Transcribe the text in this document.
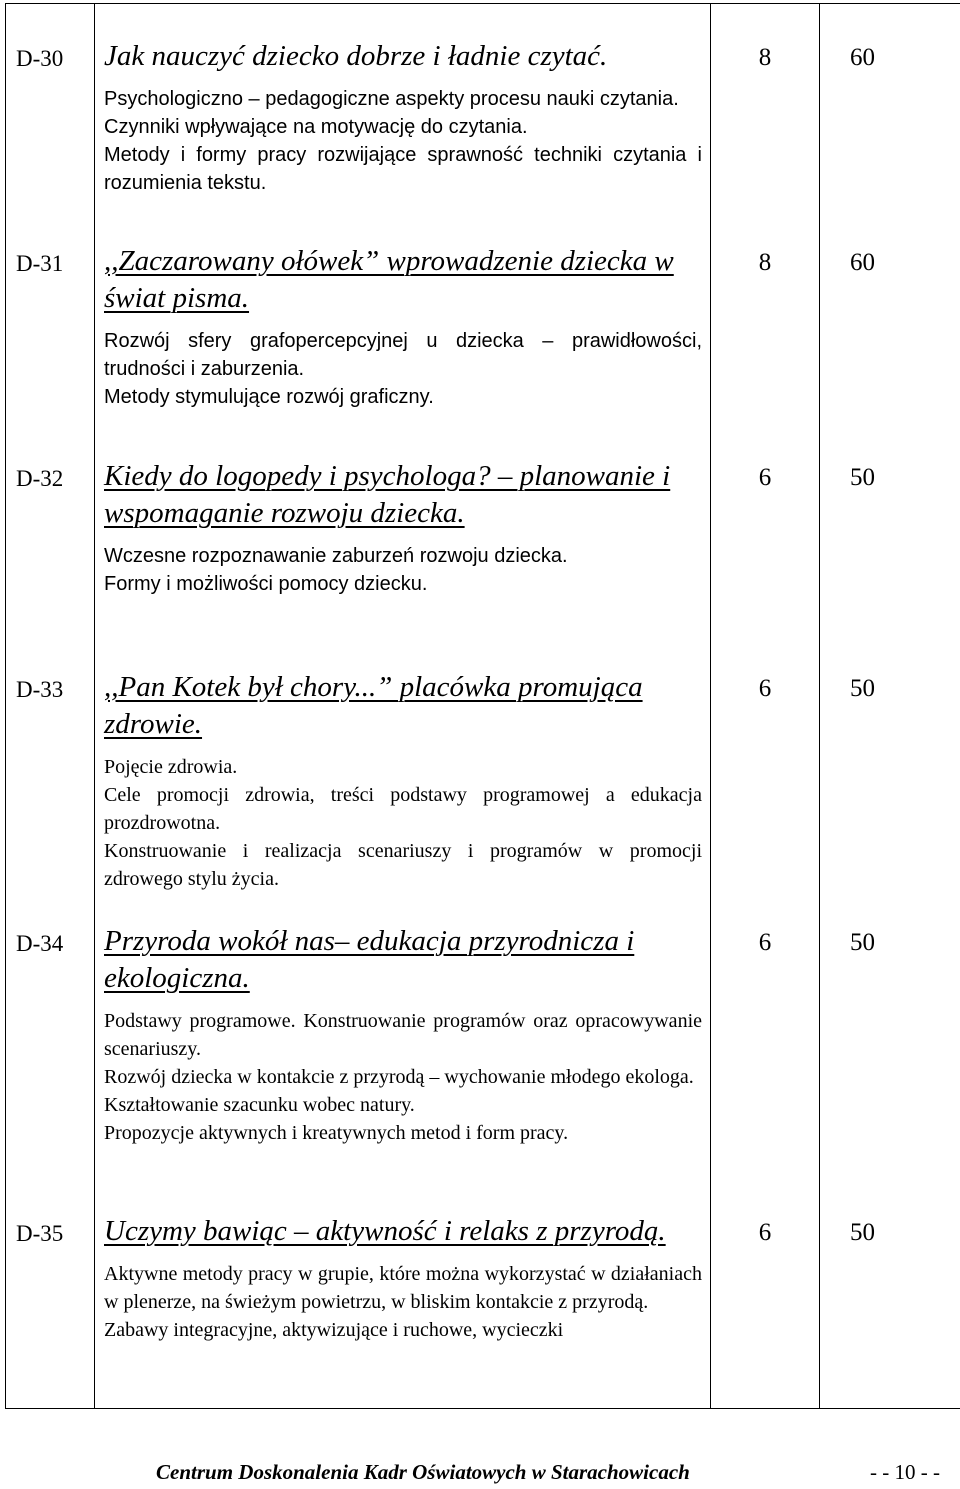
D-30	Jak nauczyć dziecko dobrze i ładnie czytać.
Psychologiczno – pedagogiczne aspekty procesu nauki czytania.
Czynniki wpływające na motywację do czytania.
Metody i formy pracy rozwijające sprawność techniki czytania i rozumienia tekstu.	8	60
D-31	,,Zaczarowany ołówek” wprowadzenie dziecka w świat pisma.
Rozwój sfery grafopercepcyjnej u dziecka – prawidłowości, trudności i zaburzenia.
Metody stymulujące rozwój graficzny.	8	60
D-32	Kiedy do logopedy i psychologa? – planowanie i wspomaganie rozwoju dziecka.
Wczesne rozpoznawanie zaburzeń rozwoju dziecka.
Formy i możliwości pomocy dziecku.	6	50
D-33	,,Pan Kotek był chory...” placówka promująca zdrowie.
Pojęcie zdrowia.
Cele promocji zdrowia, treści podstawy programowej a edukacja prozdrowotna.
Konstruowanie i realizacja scenariuszy i programów w promocji zdrowego stylu życia.	6	50
D-34	Przyroda wokół nas– edukacja przyrodnicza i ekologiczna.
Podstawy programowe. Konstruowanie programów oraz opracowywanie scenariuszy.
Rozwój dziecka w kontakcie z przyrodą – wychowanie młodego ekologa.
Kształtowanie szacunku wobec natury.
Propozycje aktywnych i kreatywnych metod i form pracy.	6	50
D-35	Uczymy bawiąc – aktywność i relaks z przyrodą.
Aktywne metody pracy w grupie, które można wykorzystać w działaniach w plenerze, na świeżym powietrzu, w bliskim kontakcie z przyrodą.
Zabawy integracyjne, aktywizujące i ruchowe, wycieczki	6	50
Centrum Doskonalenia Kadr Oświatowych w Starachowicach	- - 10 - -
